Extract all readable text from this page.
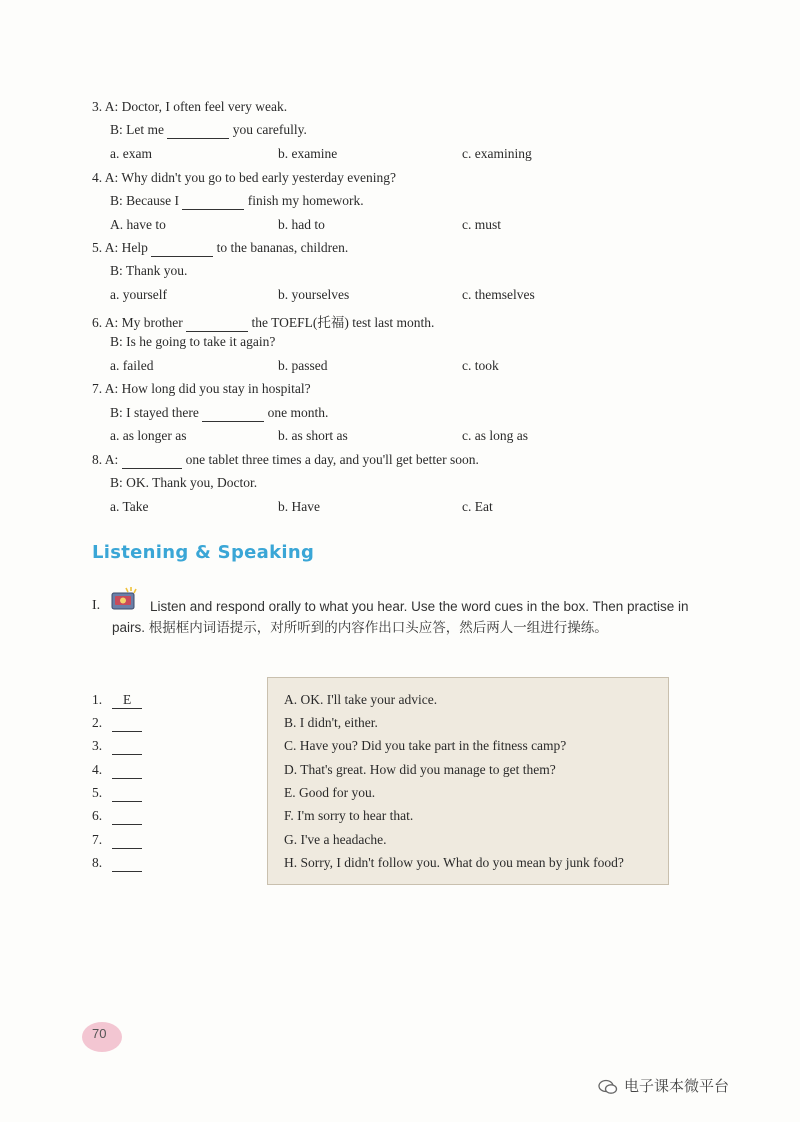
3. A: Doctor, I often feel very weak.
B: Let me	you carefully.
a. exam	b. examine	c. examining
4. A: Why didn't you go to bed early yesterday evening?
B: Because I	finish my homework.
A. have to	b. had to	c. must
5. A: Help	to the bananas, children.
B: Thank you.
a. yourself	b. yourselves	c. themselves
6. A: My brother	the TOEFL(托福) test last month.
B: Is he going to take it again?
a. failed	b. passed	c. took
7. A: How long did you stay in hospital?
B: I stayed there	one month.
a. as longer as	b. as short as	c. as long as
8. A:	one tablet three times a day, and you'll get better soon.
B: OK. Thank you, Doctor.
a. Take	b. Have	c. Eat
Listening & Speaking
I.	Listen and respond orally to what you hear. Use the word cues in the box. Then practise in pairs. 根据框内词语提示，对所听到的内容作出口头应答，然后两人一组进行操练。
1. E
2.
3.
4.
5.
6.
7.
8.
A. OK. I'll take your advice.
B. I didn't, either.
C. Have you? Did you take part in the fitness camp?
D. That's great. How did you manage to get them?
E. Good for you.
F. I'm sorry to hear that.
G. I've a headache.
H. Sorry, I didn't follow you. What do you mean by junk food?
70
电子课本微平台
